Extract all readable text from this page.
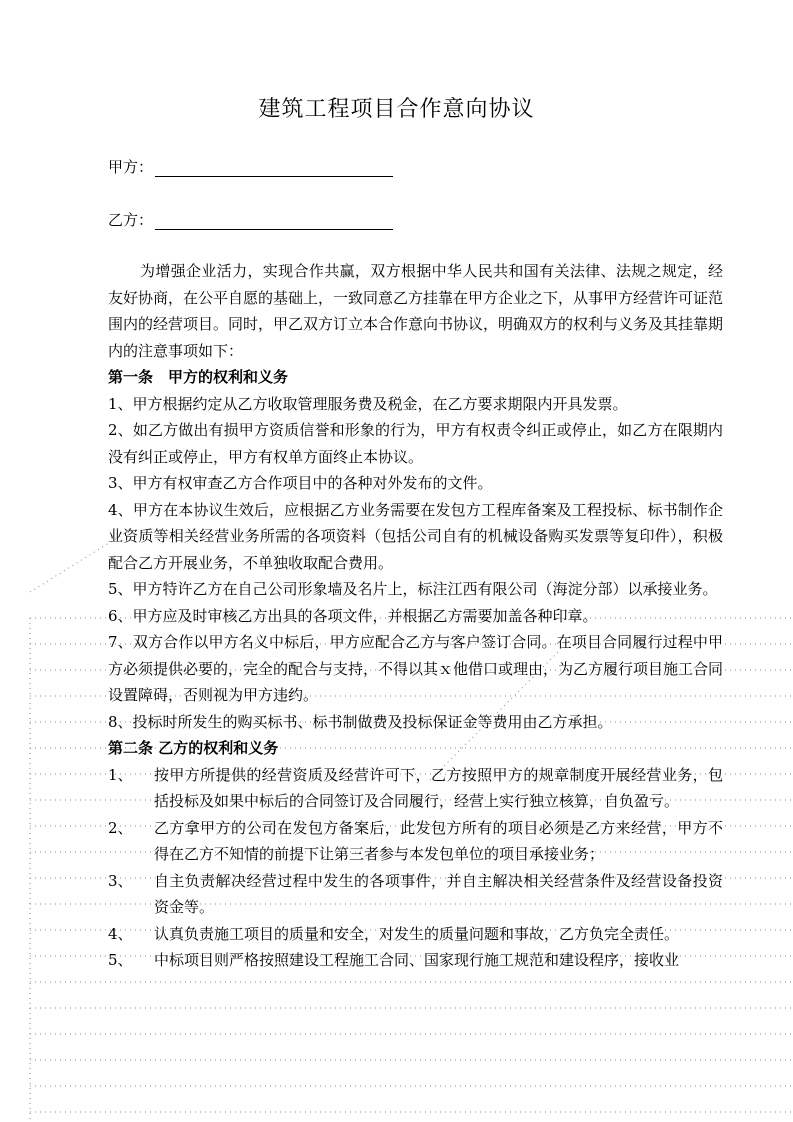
建筑工程项目合作意向协议
甲方：
乙方：

为增强企业活力，实现合作共赢，双方根据中华人民共和国有关法律、法规之规定，经友好协商，在公平自愿的基础上，一致同意乙方挂靠在甲方企业之下，从事甲方经营许可证范围内的经营项目。同时，甲乙双方订立本合作意向书协议，明确双方的权利与义务及其挂靠期内的注意事项如下：

第一条　甲方的权利和义务

1、甲方根据约定从乙方收取管理服务费及税金，在乙方要求期限内开具发票。

2、如乙方做出有损甲方资质信誉和形象的行为，甲方有权责令纠正或停止，如乙方在限期内没有纠正或停止，甲方有权单方面终止本协议。

3、甲方有权审查乙方合作项目中的各种对外发布的文件。

4、甲方在本协议生效后，应根据乙方业务需要在发包方工程库备案及工程投标、标书制作企业资质等相关经营业务所需的各项资料（包括公司自有的机械设备购买发票等复印件），积极配合乙方开展业务，不单独收取配合费用。

5、甲方特许乙方在自己公司形象墙及名片上，标注江西有限公司（海淀分部）以承接业务。

6、甲方应及时审核乙方出具的各项文件，并根据乙方需要加盖各种印章。

7、双方合作以甲方名义中标后，甲方应配合乙方与客户签订合同。在项目合同履行过程中甲方必须提供必要的，完全的配合与支持，不得以其ｘ他借口或理由，为乙方履行项目施工合同设置障碍，否则视为甲方违约。

8、投标时所发生的购买标书、标书制做费及投标保证金等费用由乙方承担。

第二条 乙方的权利和义务

1、	按甲方所提供的经营资质及经营许可下，乙方按照甲方的规章制度开展经营业务，包括投标及如果中标后的合同签订及合同履行，经营上实行独立核算，自负盈亏。
2、	乙方拿甲方的公司在发包方备案后，此发包方所有的项目必须是乙方来经营，甲方不得在乙方不知情的前提下让第三者参与本发包单位的项目承接业务；
3、	自主负责解决经营过程中发生的各项事件，并自主解决相关经营条件及经营设备投资资金等。
4、	认真负责施工项目的质量和安全，对发生的质量问题和事故，乙方负完全责任。
5、	中标项目则严格按照建设工程施工合同、国家现行施工规范和建设程序，接收业
